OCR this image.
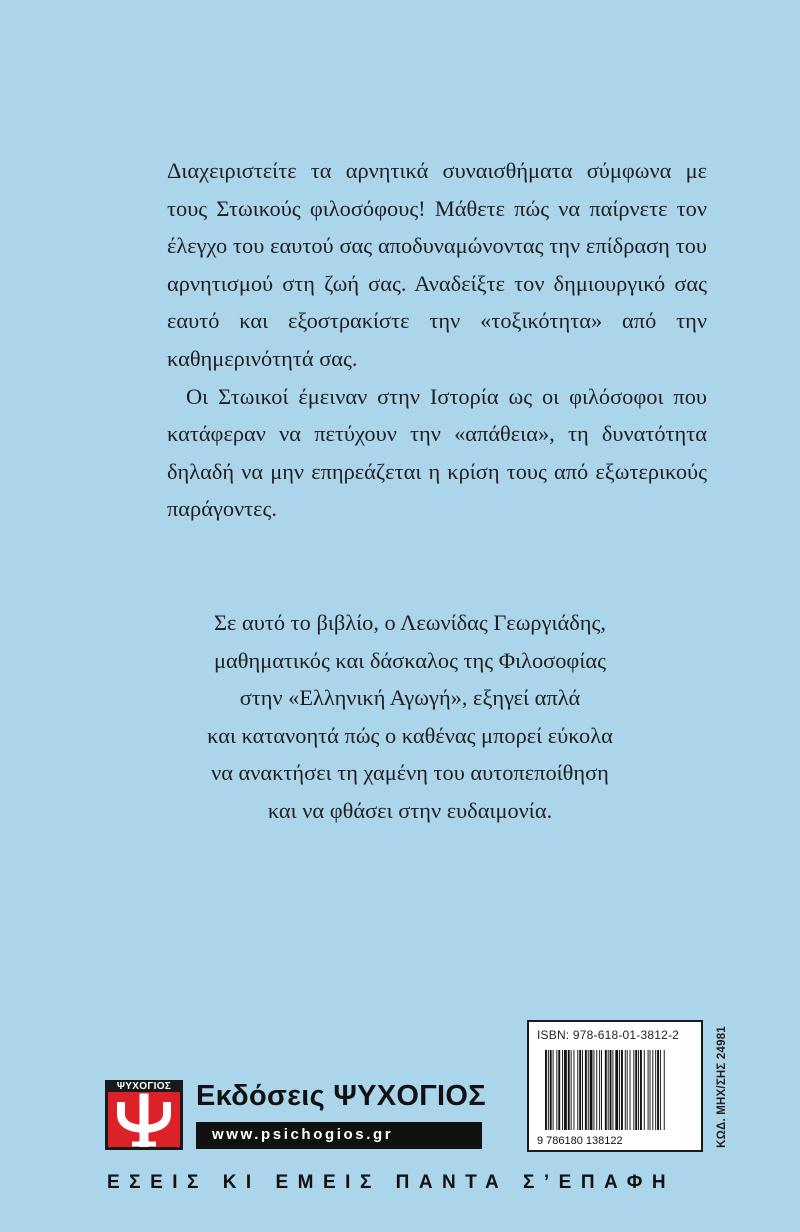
Διαχειριστείτε τα αρνητικά συναισθήματα σύμφωνα με τους Στωικούς φιλοσόφους! Μάθετε πώς να παίρνετε τον έλεγχο του εαυτού σας αποδυναμώνοντας την επίδραση του αρνητισμού στη ζωή σας. Αναδείξτε τον δημιουργικό σας εαυτό και εξοστρακίστε την «τοξικότητα» από την καθημερινότητά σας.

Οι Στωικοί έμειναν στην Ιστορία ως οι φιλόσοφοι που κατάφεραν να πετύχουν την «απάθεια», τη δυνατότητα δηλαδή να μην επηρεάζεται η κρίση τους από εξωτερικούς παράγοντες.

Σε αυτό το βιβλίο, ο Λεωνίδας Γεωργιάδης,
μαθηματικός και δάσκαλος της Φιλοσοφίας
στην «Ελληνική Αγωγή», εξηγεί απλά
και κατανοητά πώς ο καθένας μπορεί εύκολα
να ανακτήσει τη χαμένη του αυτοπεποίθηση
και να φθάσει στην ευδαιμονία.
ISBN: 978-618-01-3812-2
9 786180 138122	ΚΩΔ. ΜΗΧ/ΣΗΣ 24981
ΨΥΧΟΓΙΟΣ Εκδόσεις ΨΥΧΟΓΙΟΣ
www.psichogios.gr
ΕΣΕΙΣ ΚΙ ΕΜΕΙΣ ΠΑΝΤΑ Σ’ΕΠΑΦΗ
